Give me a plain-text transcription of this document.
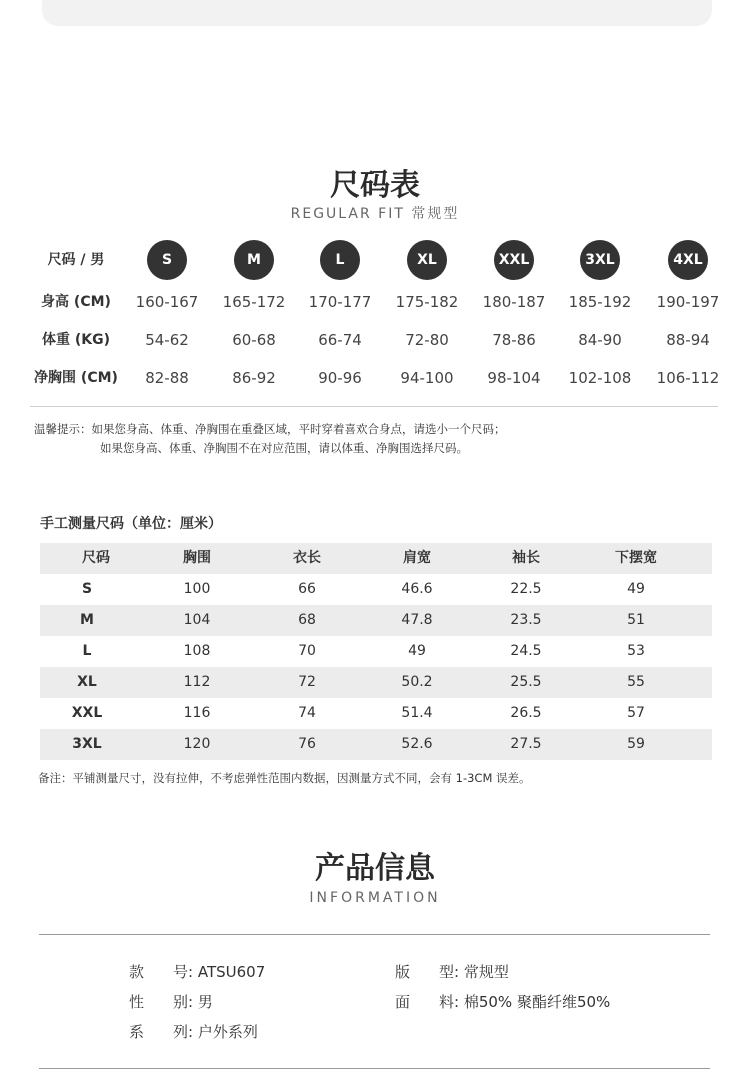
尺码表
REGULAR FIT 常规型
尺码 / 男	S	M	L	XL	XXL	3XL	4XL
身高 (CM)	160-167	165-172	170-177	175-182	180-187	185-192	190-197
体重 (KG)	54-62	60-68	66-74	72-80	78-86	84-90	88-94
净胸围 (CM)	82-88	86-92	90-96	94-100	98-104	102-108	106-112
温馨提示：如果您身高、体重、净胸围在重叠区域，平时穿着喜欢合身点，请选小一个尺码；
如果您身高、体重、净胸围不在对应范围，请以体重、净胸围选择尺码。
手工测量尺码（单位：厘米）
尺码	胸围	衣长	肩宽	袖长	下摆宽
S	100	66	46.6	22.5	49
M	104	68	47.8	23.5	51
L	108	70	49	24.5	53
XL	112	72	50.2	25.5	55
XXL	116	74	51.4	26.5	57
3XL	120	76	52.6	27.5	59
备注：平铺测量尺寸，没有拉伸，不考虑弹性范围内数据，因测量方式不同，会有 1-3CM 误差。
产品信息
INFORMATION
款 号: ATSU607	版 型: 常规型
性 别: 男	面 料: 棉50% 聚酯纤维50%
系 列: 户外系列
